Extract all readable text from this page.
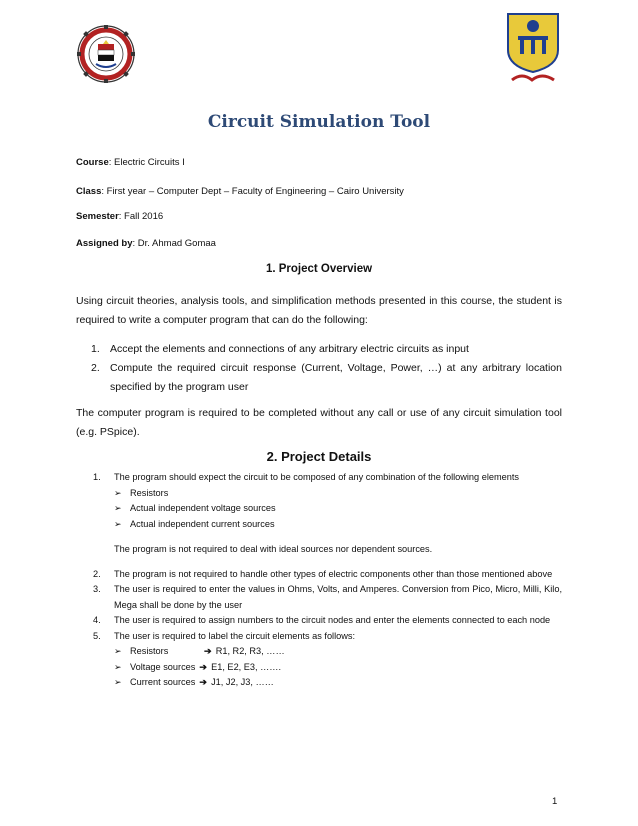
Circuit Simulation Tool
Course: Electric Circuits I
Class: First year – Computer Dept – Faculty of Engineering – Cairo University
Semester: Fall 2016
Assigned by: Dr. Ahmad Gomaa
1. Project Overview
Using circuit theories, analysis tools, and simplification methods presented in this course, the student is required to write a computer program that can do the following:
1. Accept the elements and connections of any arbitrary electric circuits as input
2. Compute the required circuit response (Current, Voltage, Power, …) at any arbitrary location specified by the program user
The computer program is required to be completed without any call or use of any circuit simulation tool (e.g. PSpice).
2. Project Details
1.	The program should expect the circuit to be composed of any combination of the following elements
➢ Resistors
➢ Actual independent voltage sources
➢ Actual independent current sources
The program is not required to deal with ideal sources nor dependent sources.
2.	The program is not required to handle other types of electric components other than those mentioned above
3.	The user is required to enter the values in Ohms, Volts, and Amperes. Conversion from Pico, Micro, Milli, Kilo, Mega shall be done by the user
4.	The user is required to assign numbers to the circuit nodes and enter the elements connected to each node
5.	The user is required to label the circuit elements as follows:
➢ Resistors	➔ R1, R2, R3, ……
➢ Voltage sources ➔ E1, E2, E3, …….
➢ Current sources ➔ J1, J2, J3, ……
1
